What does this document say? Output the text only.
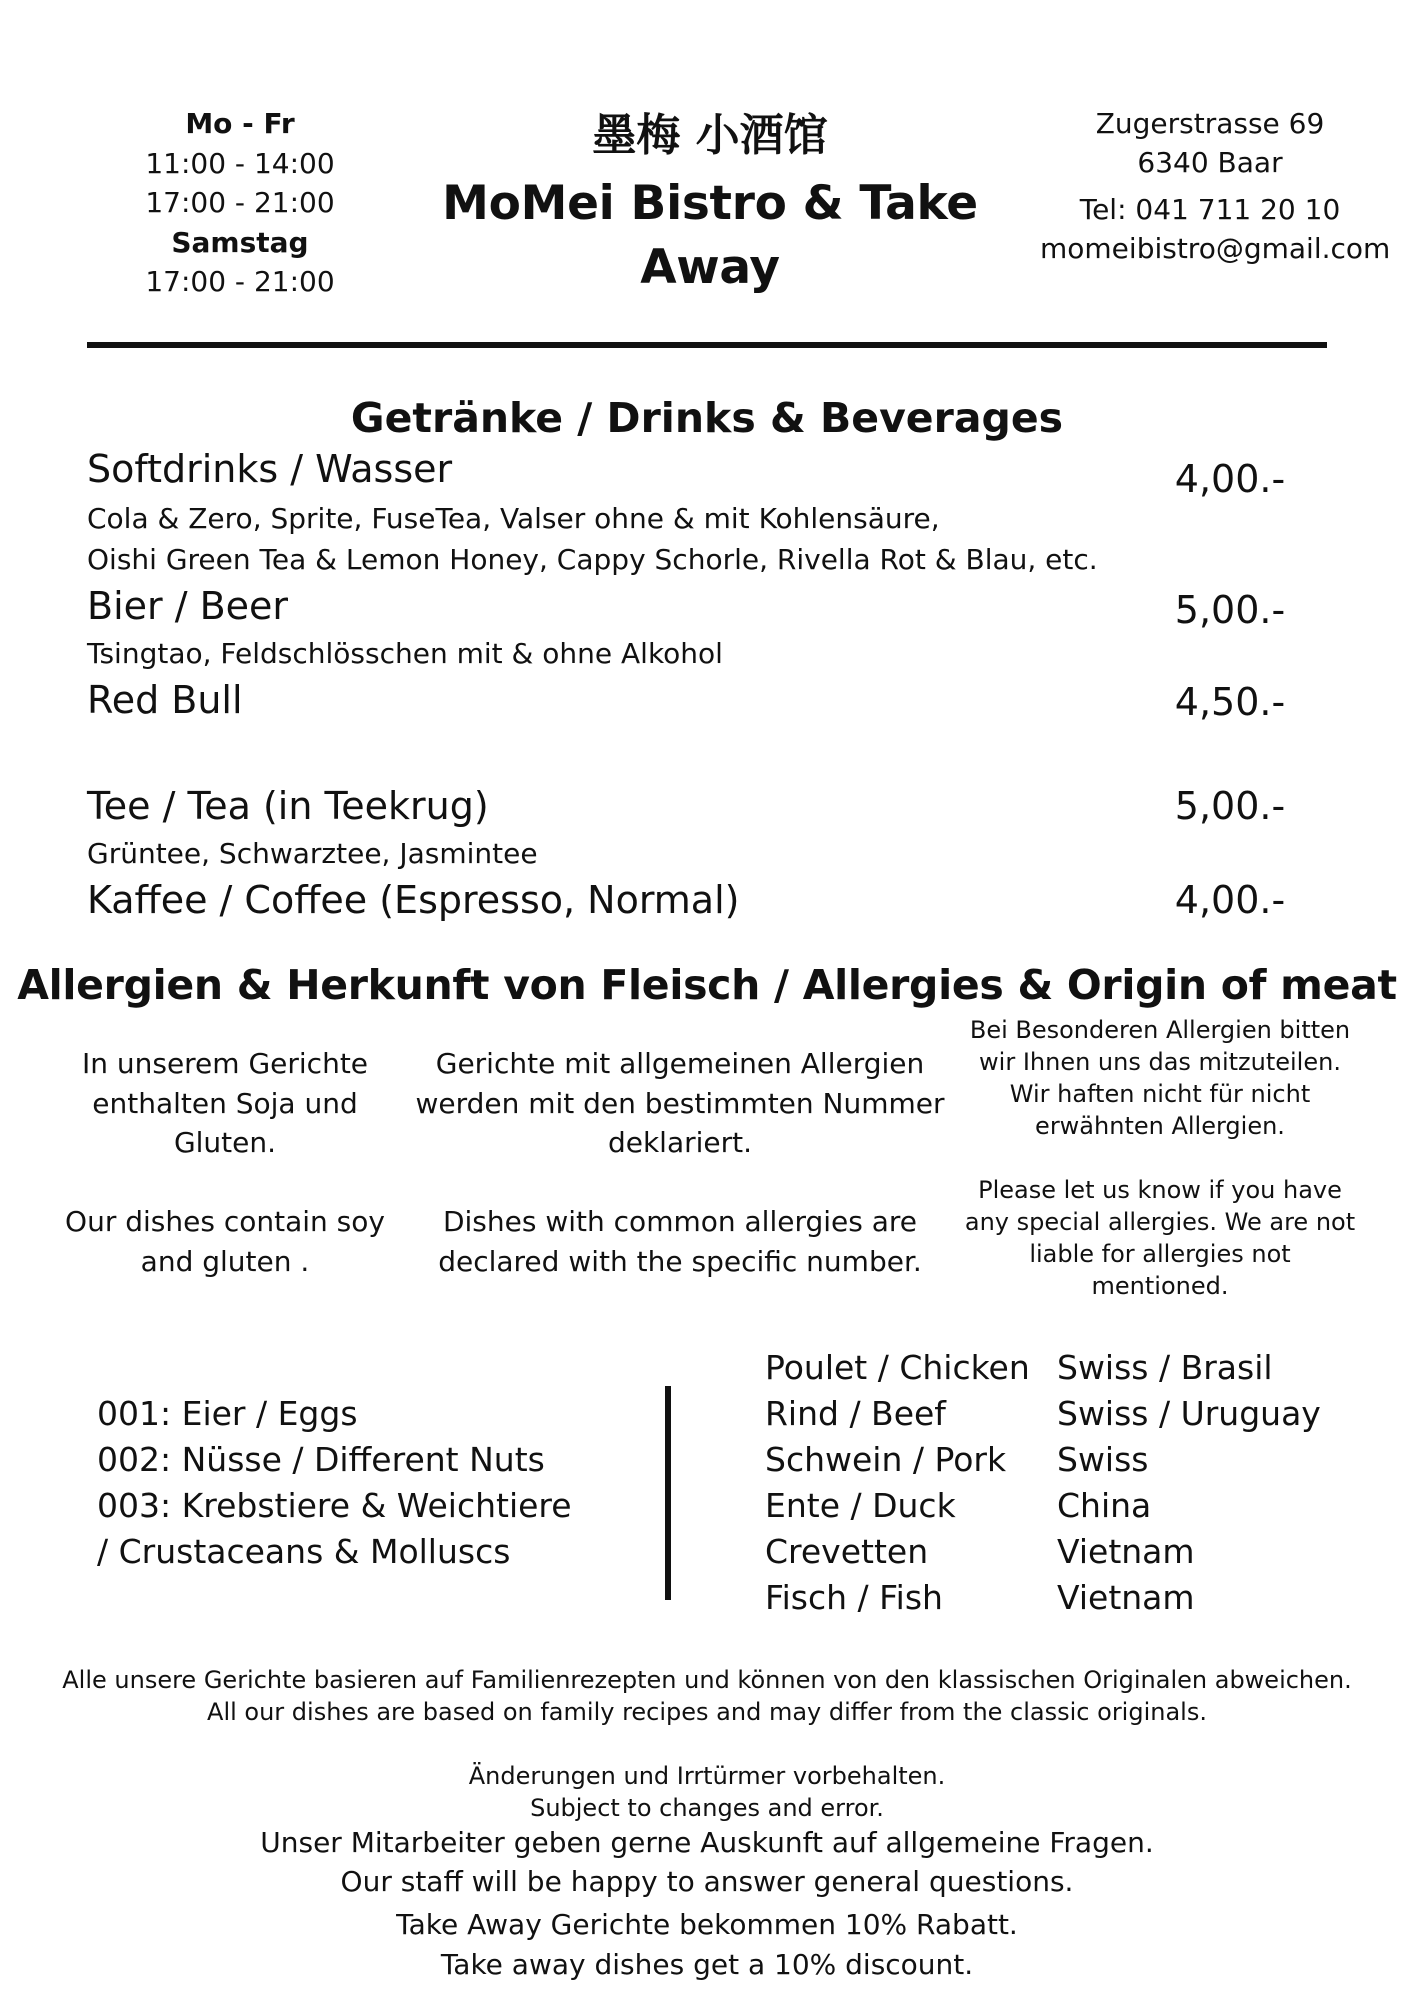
Mo - Fr
11:00 - 14:00
17:00 - 21:00
Samstag
17:00 - 21:00
墨梅 小酒馆
MoMei Bistro & Take Away
Zugerstrasse 69
6340 Baar
Tel: 041 711 20 10
momeibistro@gmail.com
Getränke / Drinks & Beverages
Softdrinks / Wasser	4,00.-
Cola & Zero, Sprite, FuseTea, Valser ohne & mit Kohlensäure,
Oishi Green Tea & Lemon Honey, Cappy Schorle, Rivella Rot & Blau, etc.
Bier / Beer	5,00.-
Tsingtao, Feldschlösschen mit & ohne Alkohol
Red Bull	4,50.-
Tee / Tea (in Teekrug)	5,00.-
Grüntee, Schwarztee, Jasmintee
Kaffee / Coffee (Espresso, Normal)	4,00.-
Allergien & Herkunft von Fleisch / Allergies & Origin of meat
In unserem Gerichte
enthalten Soja und
Gluten.
Our dishes contain soy
and gluten .
Gerichte mit allgemeinen Allergien
werden mit den bestimmten Nummer
deklariert.
Dishes with common allergies are
declared with the specific number.
Bei Besonderen Allergien bitten
wir Ihnen uns das mitzuteilen.
Wir haften nicht für nicht
erwähnten Allergien.
Please let us know if you have
any special allergies. We are not
liable for allergies not
mentioned.
001: Eier / Eggs
002: Nüsse / Different Nuts
003: Krebstiere & Weichtiere
/ Crustaceans & Molluscs
Poulet / Chicken Swiss / Brasil
Rind / Beef	Swiss / Uruguay
Schwein / Pork	Swiss
Ente / Duck	China
Crevetten	Vietnam
Fisch / Fish	Vietnam
Alle unsere Gerichte basieren auf Familienrezepten und können von den klassischen Originalen abweichen.
All our dishes are based on family recipes and may differ from the classic originals.
Änderungen und Irrtürmer vorbehalten.
Subject to changes and error.
Unser Mitarbeiter geben gerne Auskunft auf allgemeine Fragen.
Our staff will be happy to answer general questions.
Take Away Gerichte bekommen 10% Rabatt.
Take away dishes get a 10% discount.
